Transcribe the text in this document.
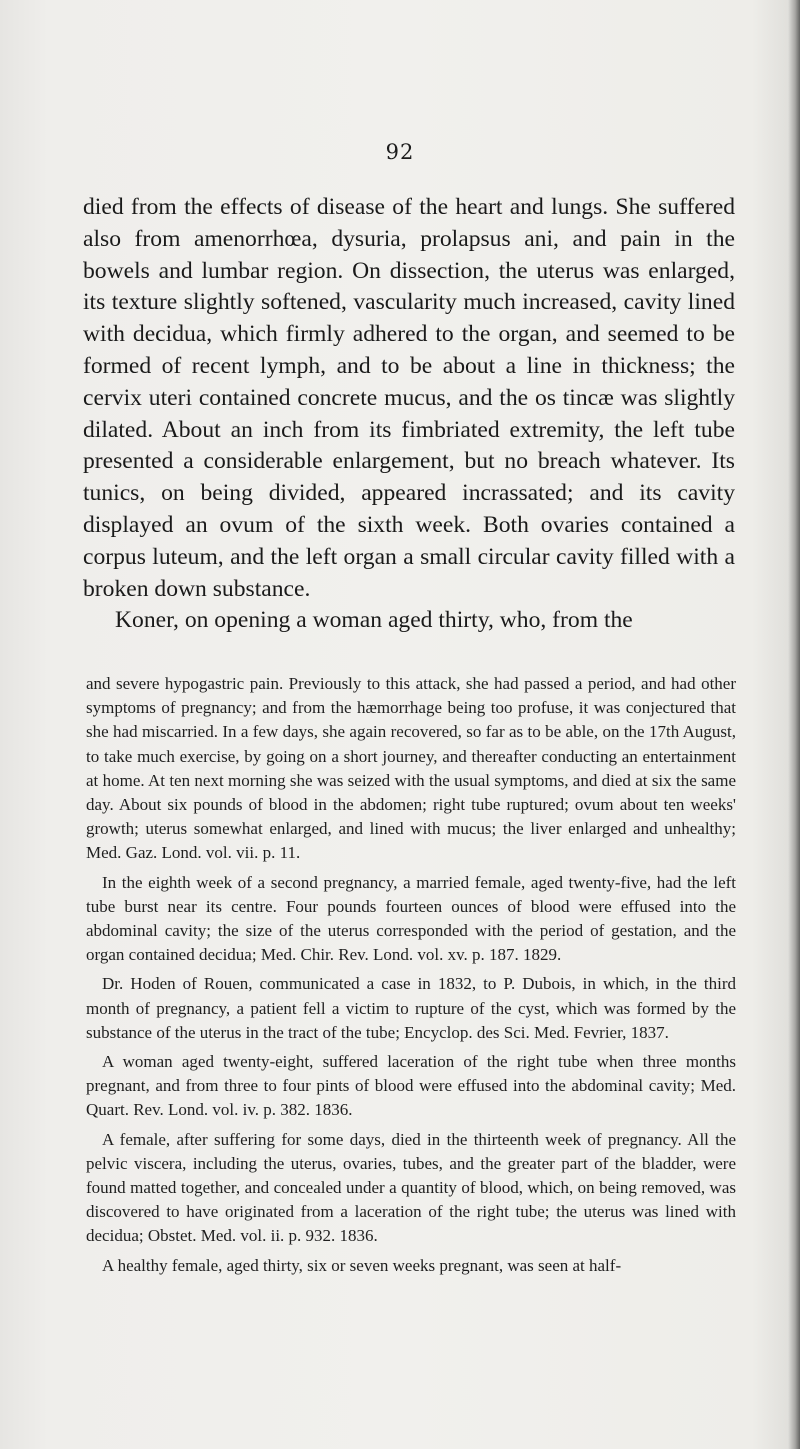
92

died from the effects of disease of the heart and lungs. She suffered also from amenorrhœa, dysuria, prolapsus ani, and pain in the bowels and lumbar region. On dissection, the uterus was enlarged, its texture slightly softened, vascularity much increased, cavity lined with decidua, which firmly adhered to the organ, and seemed to be formed of recent lymph, and to be about a line in thickness; the cervix uteri contained concrete mucus, and the os tincæ was slightly dilated. About an inch from its fimbriated extremity, the left tube presented a considerable enlargement, but no breach whatever. Its tunics, on being divided, appeared incrassated; and its cavity displayed an ovum of the sixth week. Both ovaries contained a corpus luteum, and the left organ a small circular cavity filled with a broken down substance.

Koner, on opening a woman aged thirty, who, from the

and severe hypogastric pain. Previously to this attack, she had passed a period, and had other symptoms of pregnancy; and from the hæmorrhage being too profuse, it was conjectured that she had miscarried. In a few days, she again recovered, so far as to be able, on the 17th August, to take much exercise, by going on a short journey, and thereafter conducting an entertainment at home. At ten next morning she was seized with the usual symptoms, and died at six the same day. About six pounds of blood in the abdomen; right tube ruptured; ovum about ten weeks' growth; uterus somewhat enlarged, and lined with mucus; the liver enlarged and unhealthy; Med. Gaz. Lond. vol. vii. p. 11.

In the eighth week of a second pregnancy, a married female, aged twenty-five, had the left tube burst near its centre. Four pounds fourteen ounces of blood were effused into the abdominal cavity; the size of the uterus corresponded with the period of gestation, and the organ contained decidua; Med. Chir. Rev. Lond. vol. xv. p. 187. 1829.

Dr. Hoden of Rouen, communicated a case in 1832, to P. Dubois, in which, in the third month of pregnancy, a patient fell a victim to rupture of the cyst, which was formed by the substance of the uterus in the tract of the tube; Encyclop. des Sci. Med. Fevrier, 1837.

A woman aged twenty-eight, suffered laceration of the right tube when three months pregnant, and from three to four pints of blood were effused into the abdominal cavity; Med. Quart. Rev. Lond. vol. iv. p. 382. 1836.

A female, after suffering for some days, died in the thirteenth week of pregnancy. All the pelvic viscera, including the uterus, ovaries, tubes, and the greater part of the bladder, were found matted together, and concealed under a quantity of blood, which, on being removed, was discovered to have originated from a laceration of the right tube; the uterus was lined with decidua; Obstet. Med. vol. ii. p. 932. 1836.

A healthy female, aged thirty, six or seven weeks pregnant, was seen at half-
